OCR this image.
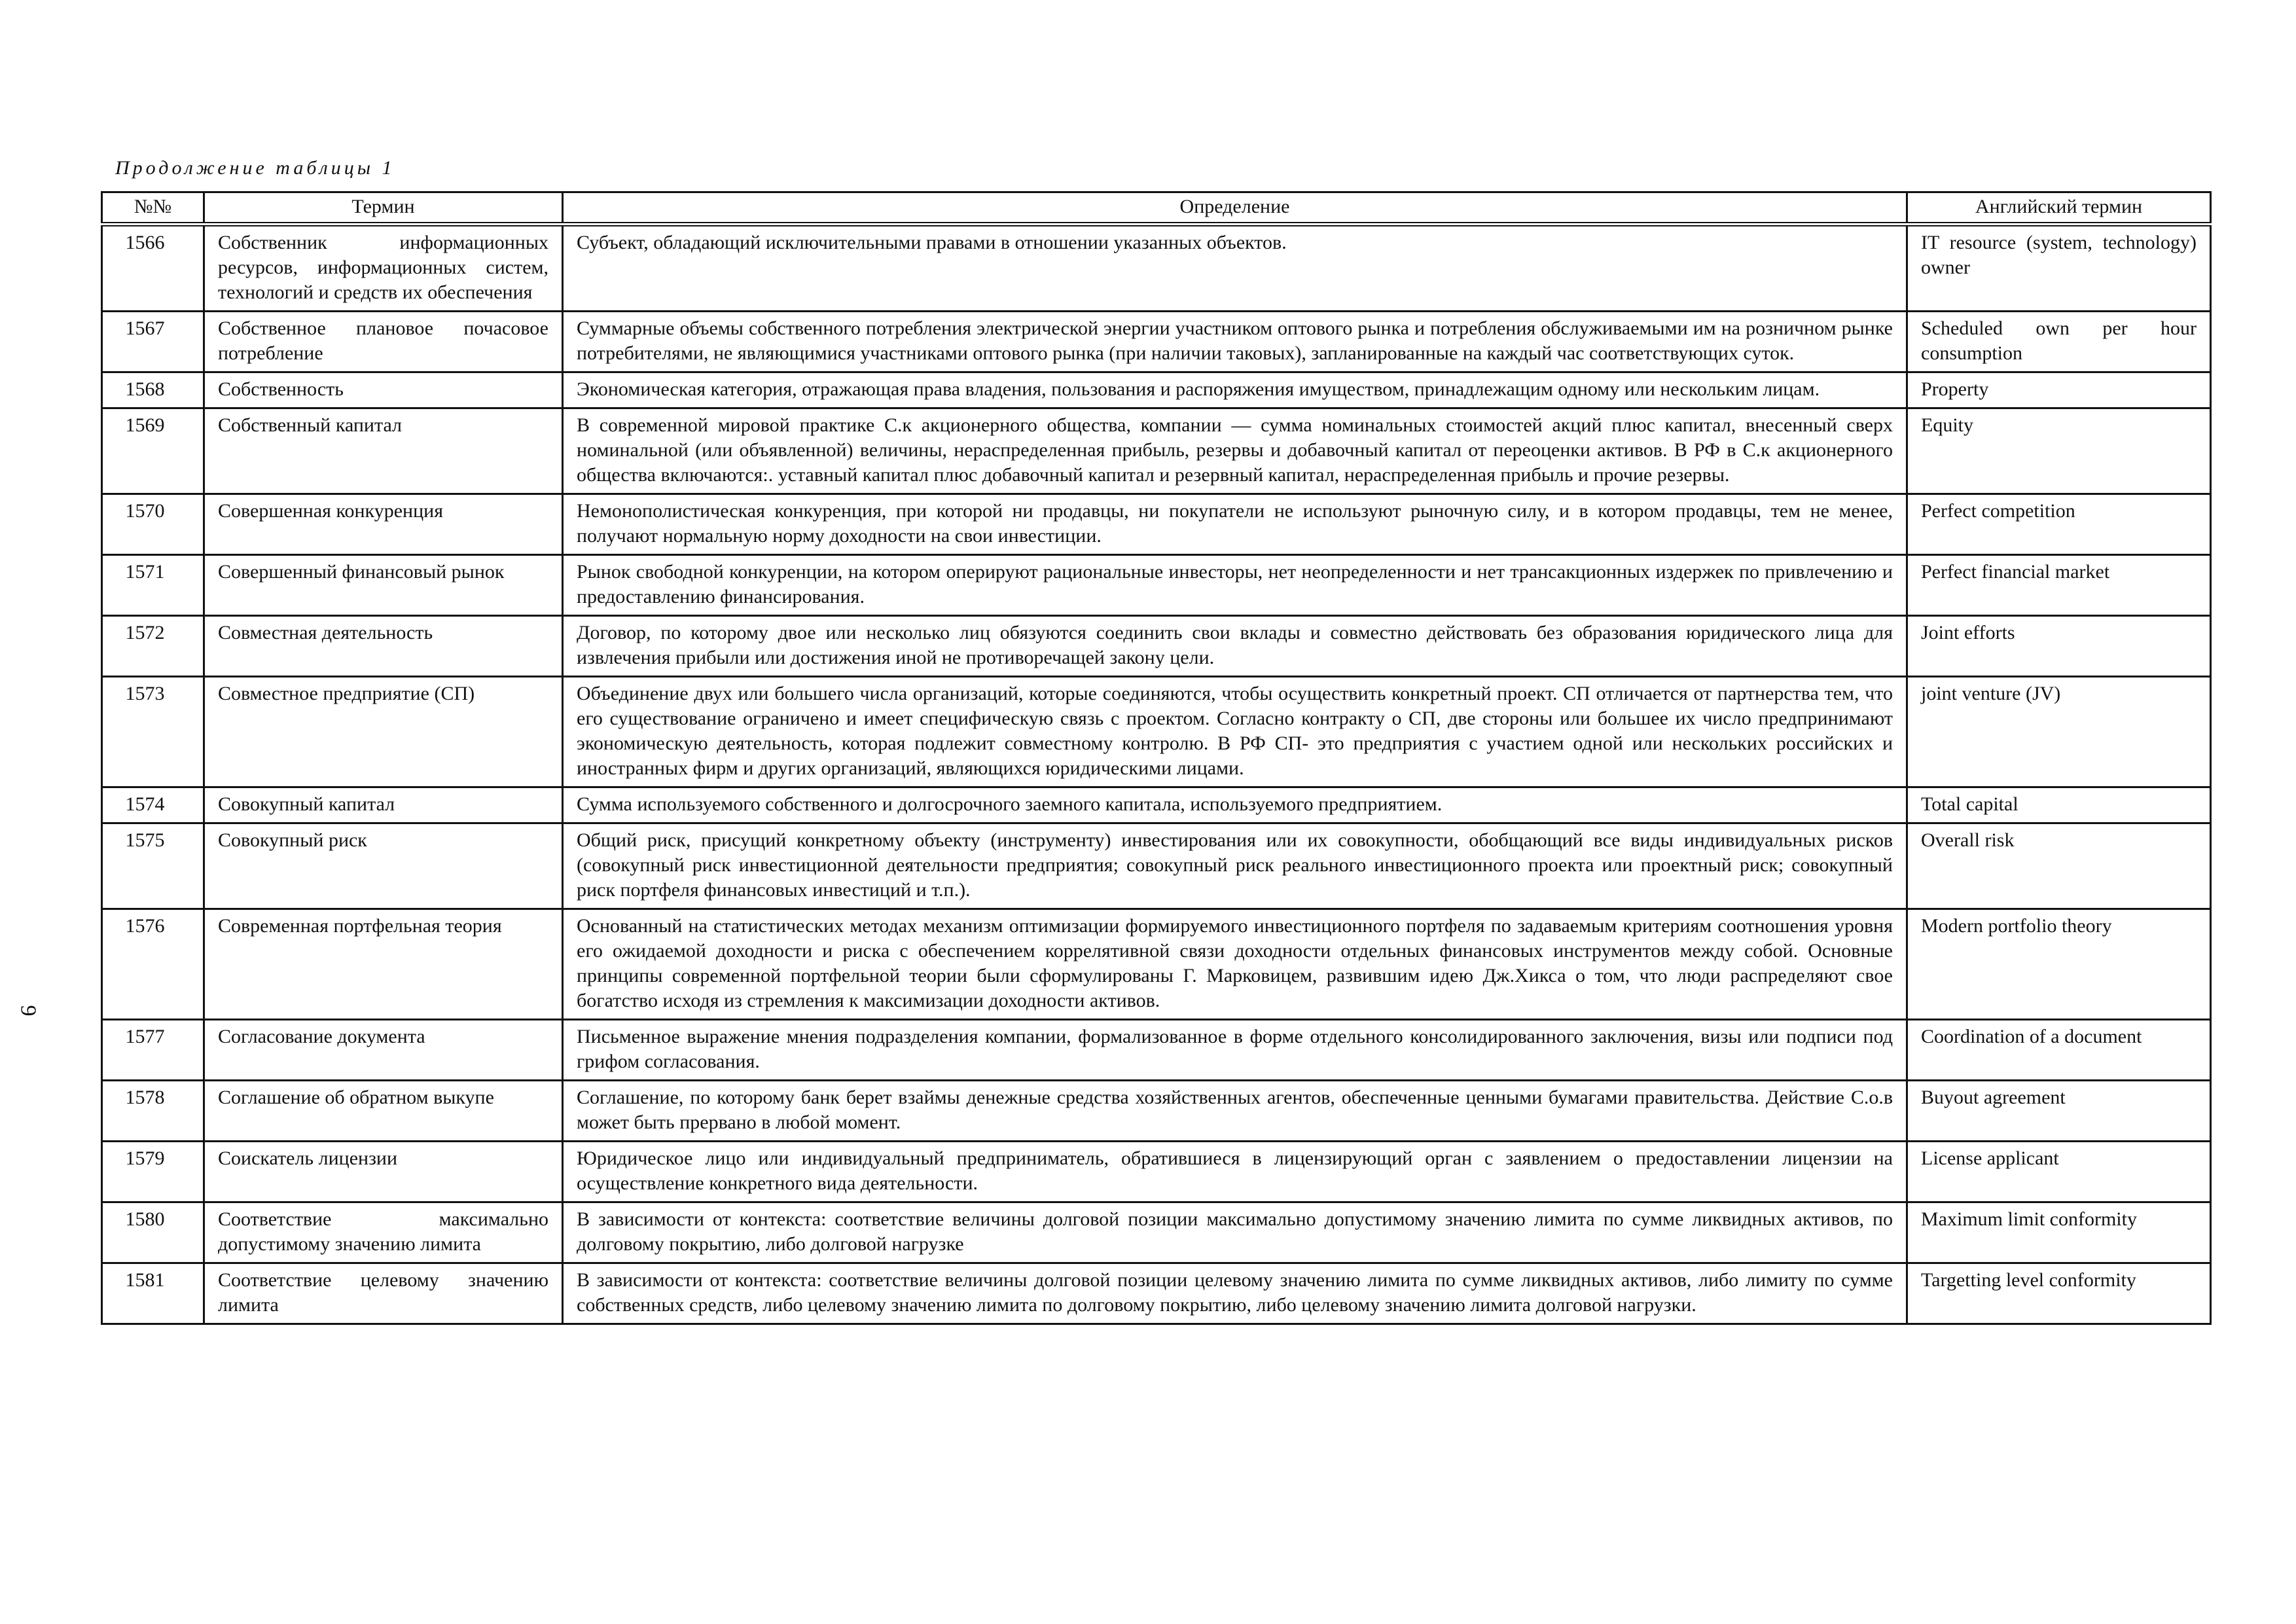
Продолжение таблицы 1
9
№№	Термин	Определение	Английский термин
1566	Собственник информационных ресурсов, информационных систем, технологий и средств их обеспечения	Субъект, обладающий исключительными правами в отношении указанных объектов.	IT resource (system, technology) owner
1567	Собственное плановое почасовое потребление	Суммарные объемы собственного потребления электрической энергии участником оптового рынка и потребления обслуживаемыми им на розничном рынке потребителями, не являющимися участниками оптового рынка (при наличии таковых), запланированные на каждый час соответствующих суток.	Scheduled own per hour consumption
1568	Собственность	Экономическая категория, отражающая права владения, пользования и распоряжения имуществом, принадлежащим одному или нескольким лицам.	Property
1569	Собственный капитал	В современной мировой практике С.к акционерного общества, компании — сумма номинальных стоимостей акций плюс капитал, внесенный сверх номинальной (или объявленной) величины, нераспределенная прибыль, резервы и добавочный капитал от переоценки активов. В РФ в С.к акционерного общества включаются:. уставный капитал плюс добавочный капитал и резервный капитал, нераспределенная прибыль и прочие резервы.	Equity
1570	Совершенная конкуренция	Немонополистическая конкуренция, при которой ни продавцы, ни покупатели не используют рыночную силу, и в котором продавцы, тем не менее, получают нормальную норму доходности на свои инвестиции.	Perfect competition
1571	Совершенный финансовый рынок	Рынок свободной конкуренции, на котором оперируют рациональные инвесторы, нет неопределенности и нет трансакционных издержек по привлечению и предоставлению финансирования.	Perfect financial market
1572	Совместная деятельность	Договор, по которому двое или несколько лиц обязуются соединить свои вклады и совместно действовать без образования юридического лица для извлечения прибыли или достижения иной не противоречащей закону цели.	Joint efforts
1573	Совместное предприятие (СП)	Объединение двух или большего числа организаций, которые соединяются, чтобы осуществить конкретный проект. СП отличается от партнерства тем, что его существование ограничено и имеет специфическую связь с проектом. Согласно контракту о СП, две стороны или большее их число предпринимают экономическую деятельность, которая подлежит совместному контролю. В РФ СП- это предприятия с участием одной или нескольких российских и иностранных фирм и других организаций, являющихся юридическими лицами.	joint venture (JV)
1574	Совокупный капитал	Сумма используемого собственного и долгосрочного заемного капитала, используемого предприятием.	Total capital
1575	Совокупный риск	Общий риск, присущий конкретному объекту (инструменту) инвестирования или их совокупности, обобщающий все виды индивидуальных рисков (совокупный риск инвестиционной деятельности предприятия; совокупный риск реального инвестиционного проекта или проектный риск; совокупный риск портфеля финансовых инвестиций и т.п.).	Overall risk
1576	Современная портфельная теория	Основанный на статистических методах механизм оптимизации формируемого инвестиционного портфеля по задаваемым критериям соотношения уровня его ожидаемой доходности и риска с обеспечением коррелятивной связи доходности отдельных финансовых инструментов между собой. Основные принципы современной портфельной теории были сформулированы Г. Марковицем, развившим идею Дж.Хикса о том, что люди распределяют свое богатство исходя из стремления к максимизации доходности активов.	Modern portfolio theory
1577	Согласование документа	Письменное выражение мнения подразделения компании, формализованное в форме отдельного консолидированного заключения, визы или подписи под грифом согласования.	Coordination of a document
1578	Соглашение об обратном выкупе	Соглашение, по которому банк берет взаймы денежные средства хозяйственных агентов, обеспеченные ценными бумагами правительства. Действие С.о.в может быть прервано в любой момент.	Buyout agreement
1579	Соискатель лицензии	Юридическое лицо или индивидуальный предприниматель, обратившиеся в лицензирующий орган с заявлением о предоставлении лицензии на осуществление конкретного вида деятельности.	License applicant
1580	Соответствие максимально допустимому значению лимита	В зависимости от контекста: соответствие величины долговой позиции максимально допустимому значению лимита по сумме ликвидных активов, по долговому покрытию, либо долговой нагрузке	Maximum limit conformity
1581	Соответствие целевому значению лимита	В зависимости от контекста: соответствие величины долговой позиции целевому значению лимита по сумме ликвидных активов, либо лимиту по сумме собственных средств, либо целевому значению лимита по долговому покрытию, либо целевому значению лимита долговой нагрузки.	Targetting level conformity
